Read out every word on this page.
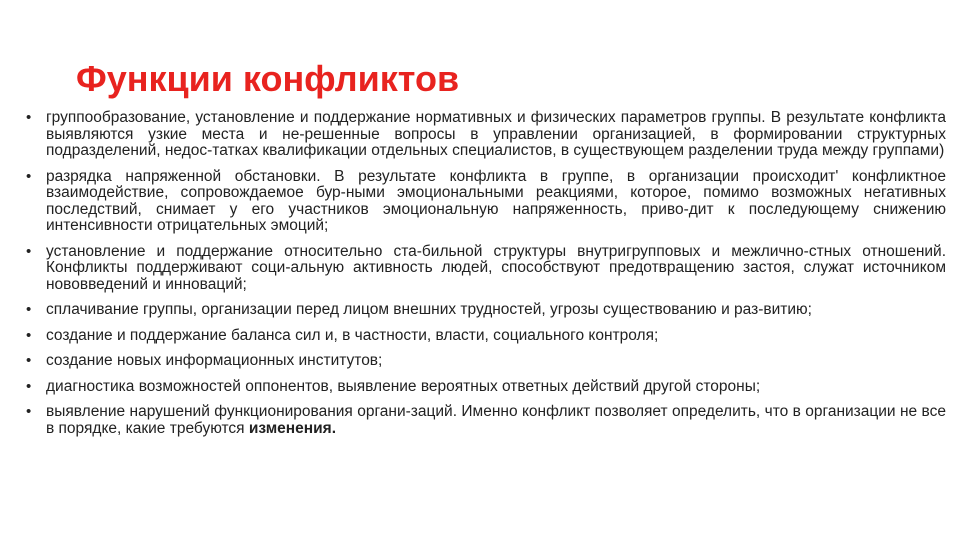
Функции конфликтов
• группообразование, установление и поддержание нормативных и физических параметров группы. В результате конфликта выявляются узкие места и не-решенные вопросы в управлении организацией, в формировании структурных подразделений, недос-татках квалификации отдельных специалистов, в существующем разделении труда между группами)
• разрядка напряженной обстановки. В результате конфликта в группе, в организации происходит' конфликтное взаимодействие, сопровождаемое бур-ными эмоциональными реакциями, которое, помимо возможных негативных последствий, снимает у его участников эмоциональную напряженность, приво-дит к последующему снижению интенсивности отрицательных эмоций;
• установление и поддержание относительно ста-бильной структуры внутригрупповых и межлично-стных отношений. Конфликты поддерживают соци-альную активность людей, способствуют предотвращению застоя, служат источником нововведений и инноваций;
• сплачивание группы, организации перед лицом внешних трудностей, угрозы существованию и раз-витию;
• создание и поддержание баланса сил и, в частности, власти, социального контроля;
• создание новых информационных институтов;
• диагностика возможностей оппонентов, выявление вероятных ответных действий другой стороны;
• выявление нарушений функционирования органи-заций. Именно конфликт позволяет определить, что в организации не все в порядке, какие требуются изменения.
